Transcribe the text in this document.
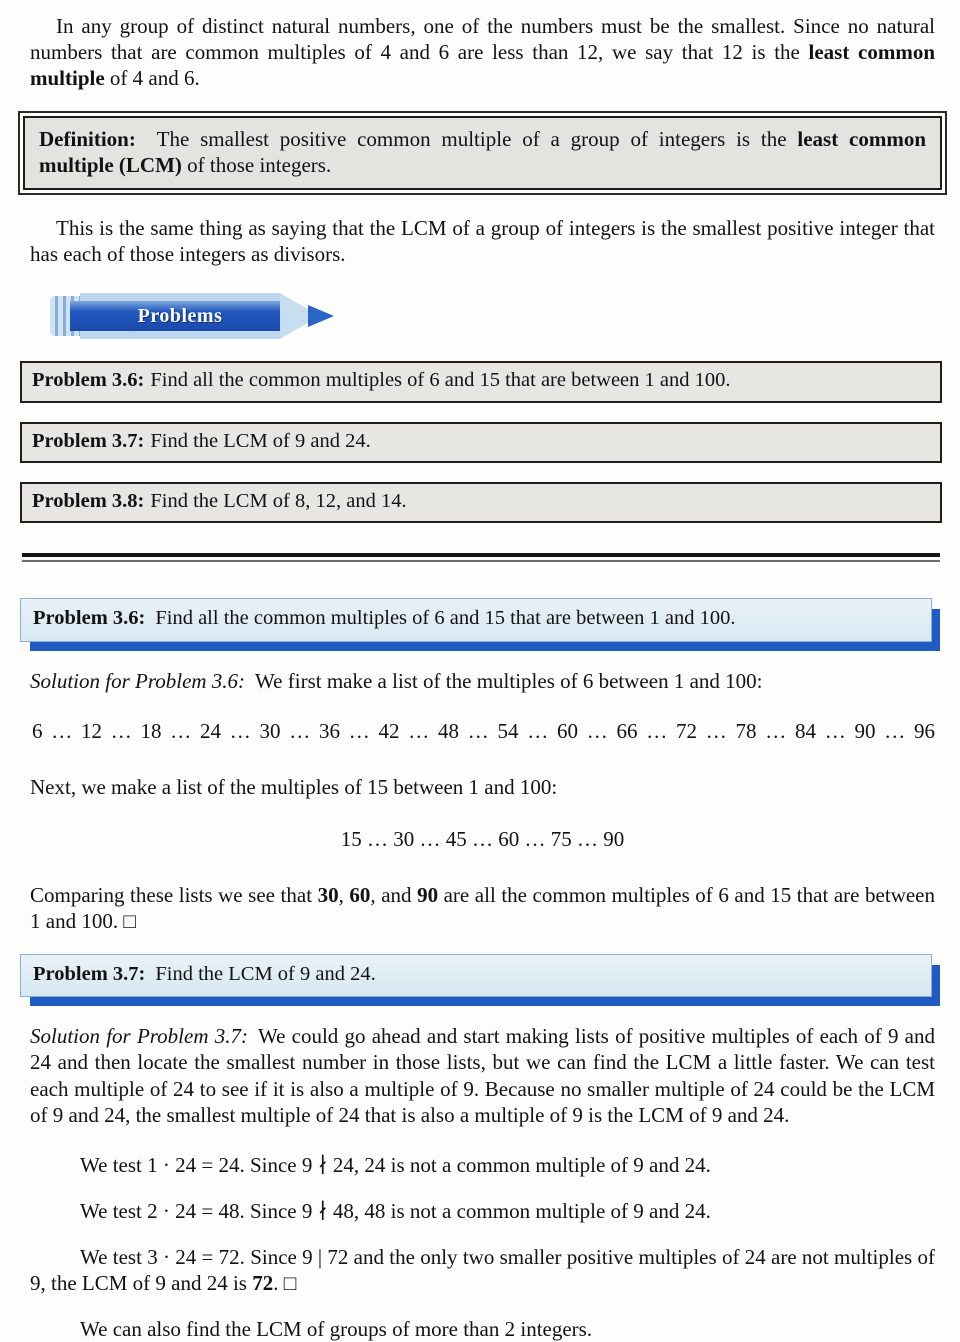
In any group of distinct natural numbers, one of the numbers must be the smallest. Since no natural numbers that are common multiples of 4 and 6 are less than 12, we say that 12 is the least common multiple of 4 and 6.

Definition: The smallest positive common multiple of a group of integers is the least common multiple (LCM) of those integers.

This is the same thing as saying that the LCM of a group of integers is the smallest positive integer that has each of those integers as divisors.

Problems
Problem 3.6: Find all the common multiples of 6 and 15 that are between 1 and 100.
Problem 3.7: Find the LCM of 9 and 24.
Problem 3.8: Find the LCM of 8, 12, and 14.
Problem 3.6: Find all the common multiples of 6 and 15 that are between 1 and 100.

Solution for Problem 3.6: We first make a list of the multiples of 6 between 1 and 100:

6 … 12 … 18 … 24 … 30 … 36 … 42 … 48 … 54 … 60 … 66 … 72 … 78 … 84 … 90 … 96

Next, we make a list of the multiples of 15 between 1 and 100:

15 … 30 … 45 … 60 … 75 … 90

Comparing these lists we see that 30, 60, and 90 are all the common multiples of 6 and 15 that are between 1 and 100. □

Problem 3.7: Find the LCM of 9 and 24.

Solution for Problem 3.7: We could go ahead and start making lists of positive multiples of each of 9 and 24 and then locate the smallest number in those lists, but we can find the LCM a little faster. We can test each multiple of 24 to see if it is also a multiple of 9. Because no smaller multiple of 24 could be the LCM of 9 and 24, the smallest multiple of 24 that is also a multiple of 9 is the LCM of 9 and 24.

We test 1 · 24 = 24. Since 9 ∤ 24, 24 is not a common multiple of 9 and 24.

We test 2 · 24 = 48. Since 9 ∤ 48, 48 is not a common multiple of 9 and 24.

We test 3 · 24 = 72. Since 9 | 72 and the only two smaller positive multiples of 24 are not multiples of 9, the LCM of 9 and 24 is 72. □

We can also find the LCM of groups of more than 2 integers.
